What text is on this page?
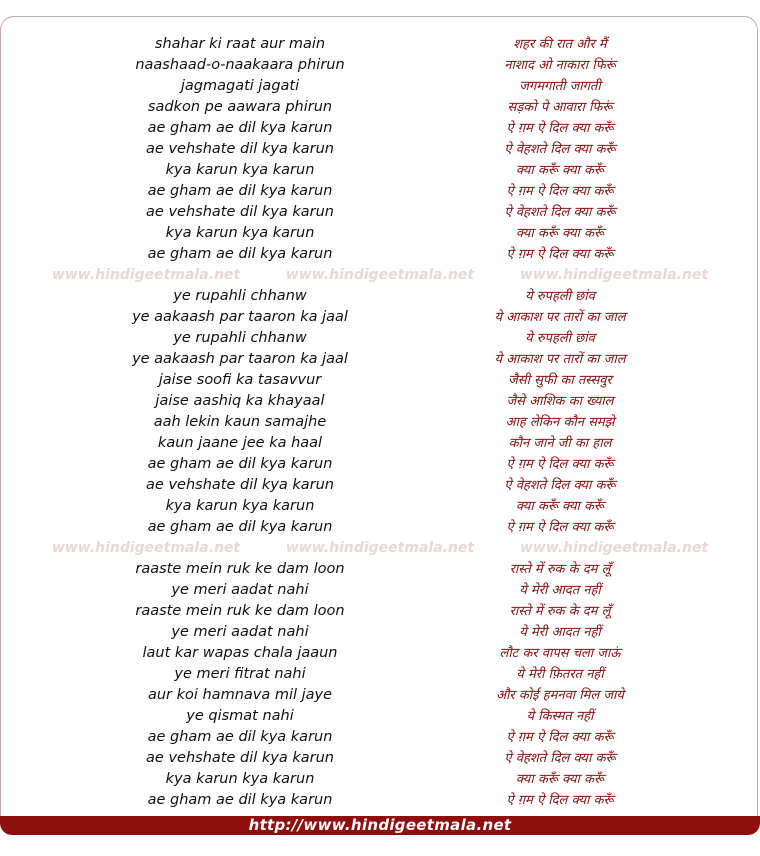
shahar ki raat aur main	शहर की रात और मैं
naashaad-o-naakaara phirun	नाशाद ओ नाकारा फिरूं
jagmagati jagati	जगमगाती जागती
sadkon pe aawara phirun	सड़को पे आवारा फिरूं
ae gham ae dil kya karun	ऐ ग़म ऐ दिल क्या करूँ
ae vehshate dil kya karun	ऐ वेहशते दिल क्या करूँ
kya karun kya karun	क्या करूँ क्या करूँ
ae gham ae dil kya karun	ऐ ग़म ऐ दिल क्या करूँ
ae vehshate dil kya karun	ऐ वेहशते दिल क्या करूँ
kya karun kya karun	क्या करूँ क्या करूँ
ae gham ae dil kya karun	ऐ ग़म ऐ दिल क्या करूँ
www.hindigeetmala.net	www.hindigeetmala.net	www.hindigeetmala.net
ye rupahli chhanw	ये रुपहली छांव
ye aakaash par taaron ka jaal	ये आकाश पर तारों का जाल
ye rupahli chhanw	ये रुपहली छांव
ye aakaash par taaron ka jaal	ये आकाश पर तारों का जाल
jaise soofi ka tasavvur	जैसी सुफी का तस्सवुर
jaise aashiq ka khayaal	जैसे आशिक का ख्याल
aah lekin kaun samajhe	आह लेकिन कौन समझे
kaun jaane jee ka haal	कौन जाने जी का हाल
ae gham ae dil kya karun	ऐ ग़म ऐ दिल क्या करूँ
ae vehshate dil kya karun	ऐ वेहशते दिल क्या करूँ
kya karun kya karun	क्या करूँ क्या करूँ
ae gham ae dil kya karun	ऐ ग़म ऐ दिल क्या करूँ
www.hindigeetmala.net	www.hindigeetmala.net	www.hindigeetmala.net
raaste mein ruk ke dam loon	रास्ते में रुक के दम लूँ
ye meri aadat nahi	ये मेरी आदत नहीं
raaste mein ruk ke dam loon	रास्ते में रुक के दम लूँ
ye meri aadat nahi	ये मेरी आदत नहीं
laut kar wapas chala jaaun	लौट कर वापस चला जाऊं
ye meri fitrat nahi	ये मेरी फ़ितरत नहीं
aur koi hamnava mil jaye	और कोई हमनवा मिल जाये
ye qismat nahi	ये किस्मत नहीं
ae gham ae dil kya karun	ऐ ग़म ऐ दिल क्या करूँ
ae vehshate dil kya karun	ऐ वेहशते दिल क्या करूँ
kya karun kya karun	क्या करूँ क्या करूँ
ae gham ae dil kya karun	ऐ ग़म ऐ दिल क्या करूँ
http://www.hindigeetmala.net
